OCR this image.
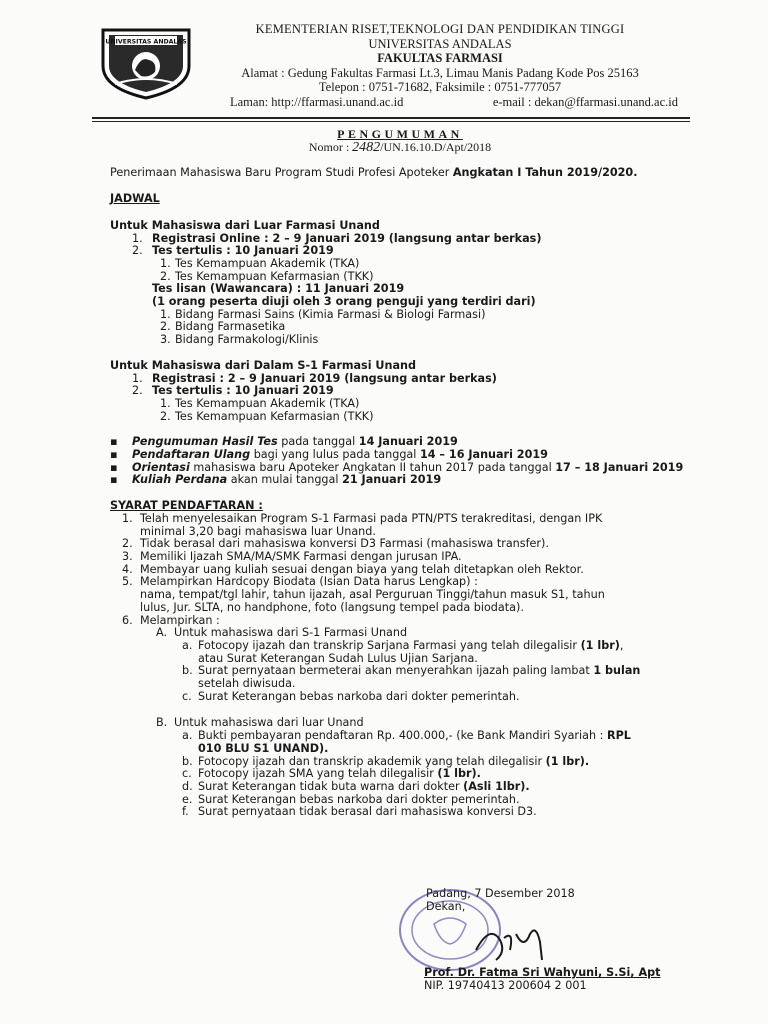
UNIVERSITAS ANDALAS
KEMENTERIAN RISET,TEKNOLOGI DAN PENDIDIKAN TINGGI
UNIVERSITAS ANDALAS
FAKULTAS FARMASI
Alamat : Gedung Fakultas Farmasi Lt.3, Limau Manis Padang Kode Pos 25163
Telepon : 0751-71682, Faksimile : 0751-777057
Laman: http://ffarmasi.unand.ac.id	e-mail : dekan@ffarmasi.unand.ac.id
PENGUMUMAN
Nomor : 2482/UN.16.10.D/Apt/2018

Penerimaan Mahasiswa Baru Program Studi Profesi Apoteker Angkatan I Tahun 2019/2020.

JADWAL
Untuk Mahasiswa dari Luar Farmasi Unand
1. Registrasi Online : 2 – 9 Januari 2019 (langsung antar berkas)
2. Tes tertulis : 10 Januari 2019
1. Tes Kemampuan Akademik (TKA)
2. Tes Kemampuan Kefarmasian (TKK)
Tes lisan (Wawancara) : 11 Januari 2019
(1 orang peserta diuji oleh 3 orang penguji yang terdiri dari)
1. Bidang Farmasi Sains (Kimia Farmasi & Biologi Farmasi)
2. Bidang Farmasetika
3. Bidang Farmakologi/Klinis
Untuk Mahasiswa dari Dalam S-1 Farmasi Unand
1. Registrasi : 2 – 9 Januari 2019 (langsung antar berkas)
2. Tes tertulis : 10 Januari 2019
1. Tes Kemampuan Akademik (TKA)
2. Tes Kemampuan Kefarmasian (TKK)
▪	Pengumuman Hasil Tes pada tanggal 14 Januari 2019
▪	Pendaftaran Ulang bagi yang lulus pada tanggal 14 – 16 Januari 2019
▪	Orientasi mahasiswa baru Apoteker Angkatan II tahun 2017 pada tanggal 17 – 18 Januari 2019
▪	Kuliah Perdana akan mulai tanggal 21 Januari 2019
SYARAT PENDAFTARAN :
1. Telah menyelesaikan Program S-1 Farmasi pada PTN/PTS terakreditasi, dengan IPK
minimal 3,20 bagi mahasiswa luar Unand.
2. Tidak berasal dari mahasiswa konversi D3 Farmasi (mahasiswa transfer).
3. Memiliki Ijazah SMA/MA/SMK Farmasi dengan jurusan IPA.
4. Membayar uang kuliah sesuai dengan biaya yang telah ditetapkan oleh Rektor.
5. Melampirkan Hardcopy Biodata (Isian Data harus Lengkap) :
nama, tempat/tgl lahir, tahun ijazah, asal Perguruan Tinggi/tahun masuk S1, tahun
lulus, Jur. SLTA, no handphone, foto (langsung tempel pada biodata).
6. Melampirkan :
A. Untuk mahasiswa dari S-1 Farmasi Unand
a. Fotocopy ijazah dan transkrip Sarjana Farmasi yang telah dilegalisir (1 lbr),
atau Surat Keterangan Sudah Lulus Ujian Sarjana.
b. Surat pernyataan bermeterai akan menyerahkan ijazah paling lambat 1 bulan
setelah diwisuda.
c. Surat Keterangan bebas narkoba dari dokter pemerintah.
B. Untuk mahasiswa dari luar Unand
a. Bukti pembayaran pendaftaran Rp. 400.000,- (ke Bank Mandiri Syariah : RPL
010 BLU S1 UNAND).
b. Fotocopy ijazah dan transkrip akademik yang telah dilegalisir (1 lbr).
c. Fotocopy ijazah SMA yang telah dilegalisir (1 lbr).
d. Surat Keterangan tidak buta warna dari dokter (Asli 1lbr).
e. Surat Keterangan bebas narkoba dari dokter pemerintah.
f. Surat pernyataan tidak berasal dari mahasiswa konversi D3.
Padang, 7 Desember 2018
Dekan,
Prof. Dr. Fatma Sri Wahyuni, S.Si, Apt
NIP. 19740413 200604 2 001
